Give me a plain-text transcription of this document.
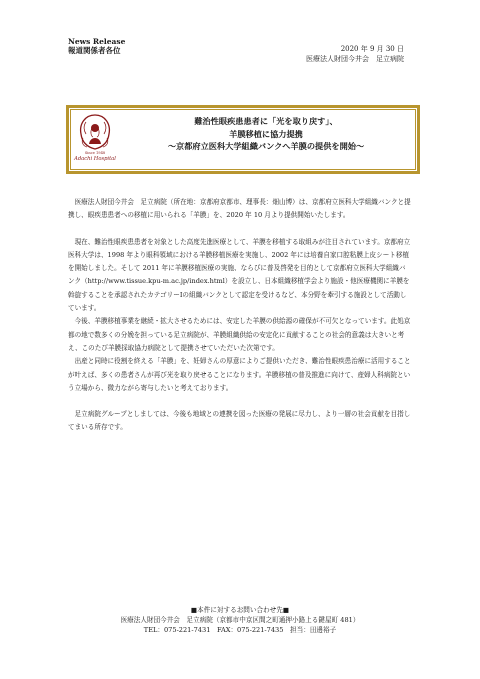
News Release
報道関係者各位	2020 年 9 月 30 日
医療法人財団今井会　足立病院
Since 1948
Adachi Hospital
難治性眼疾患患者に「光を取り戻す」、
羊膜移植に協力提携
～京都府立医科大学組織バンクへ羊膜の提供を開始～

医療法人財団今井会　足立病院（所在地：京都府京都市、理事長：畑山博）は、京都府立医科大学組織バンクと提携し、眼疾患患者への移植に用いられる「羊膜」を、2020 年 10 月より提供開始いたします。

現在、難治性眼疾患患者を対象とした高度先進医療として、羊膜を移植する取組みが注目されています。京都府立医科大学は、1998 年より眼科領域における羊膜移植医療を実施し、2002 年には培養自家口腔粘膜上皮シート移植を開始しました。そして 2011 年に羊膜移植医療の実施、ならびに普及啓発を目的として京都府立医科大学組織バンク（http://www.tissue.kpu-m.ac.jp/index.html）を設立し、日本組織移植学会より施設・他医療機関に羊膜を斡旋することを承認されたカテゴリーⅠの組織バンクとして認定を受けるなど、本分野を牽引する施設として活動しています。

今後、羊膜移植事業を継続・拡大させるためには、安定した羊膜の供給源の確保が不可欠となっています。此処京都の地で数多くの分娩を担っている足立病院が、羊膜組織供給の安定化に貢献することの社会的意義は大きいと考え、このたび羊膜採取協力病院として提携させていただいた次第です。

出産と同時に役割を終える「羊膜」を、妊婦さんの厚意によりご提供いただき、難治性眼疾患治療に活用することが叶えば、多くの患者さんが再び光を取り戻せることになります。羊膜移植の普及推進に向けて、産婦人科病院という立場から、微力ながら寄与したいと考えております。

足立病院グループとしましては、今後も地域との連携を図った医療の発展に尽力し、より一層の社会貢献を目指してまいる所存です。

■本件に対するお問い合わせ先■
医療法人財団今井会　足立病院（京都市中京区間之町通押小路上る鍵屋町 481）
TEL：075-221-7431　FAX：075-221-7435　担当：田邊裕子
